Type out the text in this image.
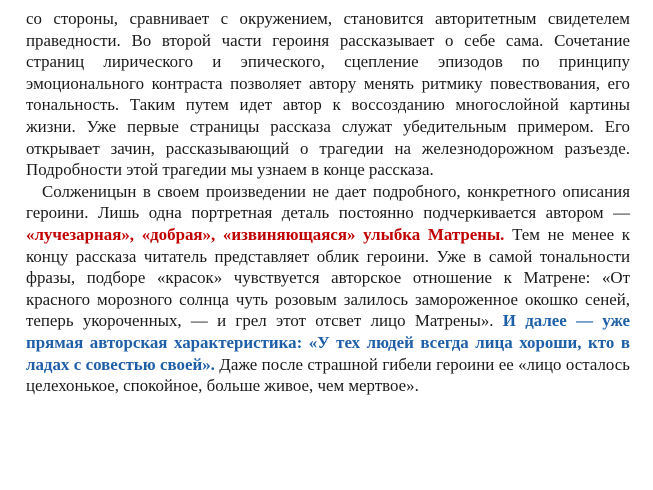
со стороны, сравнивает с окружением, становится авторитетным свидетелем праведности. Во второй части героиня рассказывает о себе сама. Сочетание страниц лирического и эпического, сцепление эпизодов по принципу эмоционального контраста позволяет автору менять ритмику повествования, его тональность. Таким путем идет автор к воссозданию многослойной картины жизни. Уже первые страницы рассказа служат убедительным примером. Его открывает зачин, рассказывающий о трагедии на железнодорожном разъезде. Подробности этой трагедии мы узнаем в конце рассказа.

Солженицын в своем произведении не дает подробного, конкретного описания героини. Лишь одна портретная деталь постоянно подчеркивается автором — «лучезарная», «добрая», «извиняющаяся» улыбка Матрены. Тем не менее к концу рассказа читатель представляет облик героини. Уже в самой тональности фразы, подборе «красок» чувствуется авторское отношение к Матрене: «От красного морозного солнца чуть розовым залилось замороженное окошко сеней, теперь укороченных, — и грел этот отсвет лицо Матрены». И далее — уже прямая авторская характеристика: «У тех людей всегда лица хороши, кто в ладах с совестью своей». Даже после страшной гибели героини ее «лицо осталось целехонькое, спокойное, больше живое, чем мертвое».
